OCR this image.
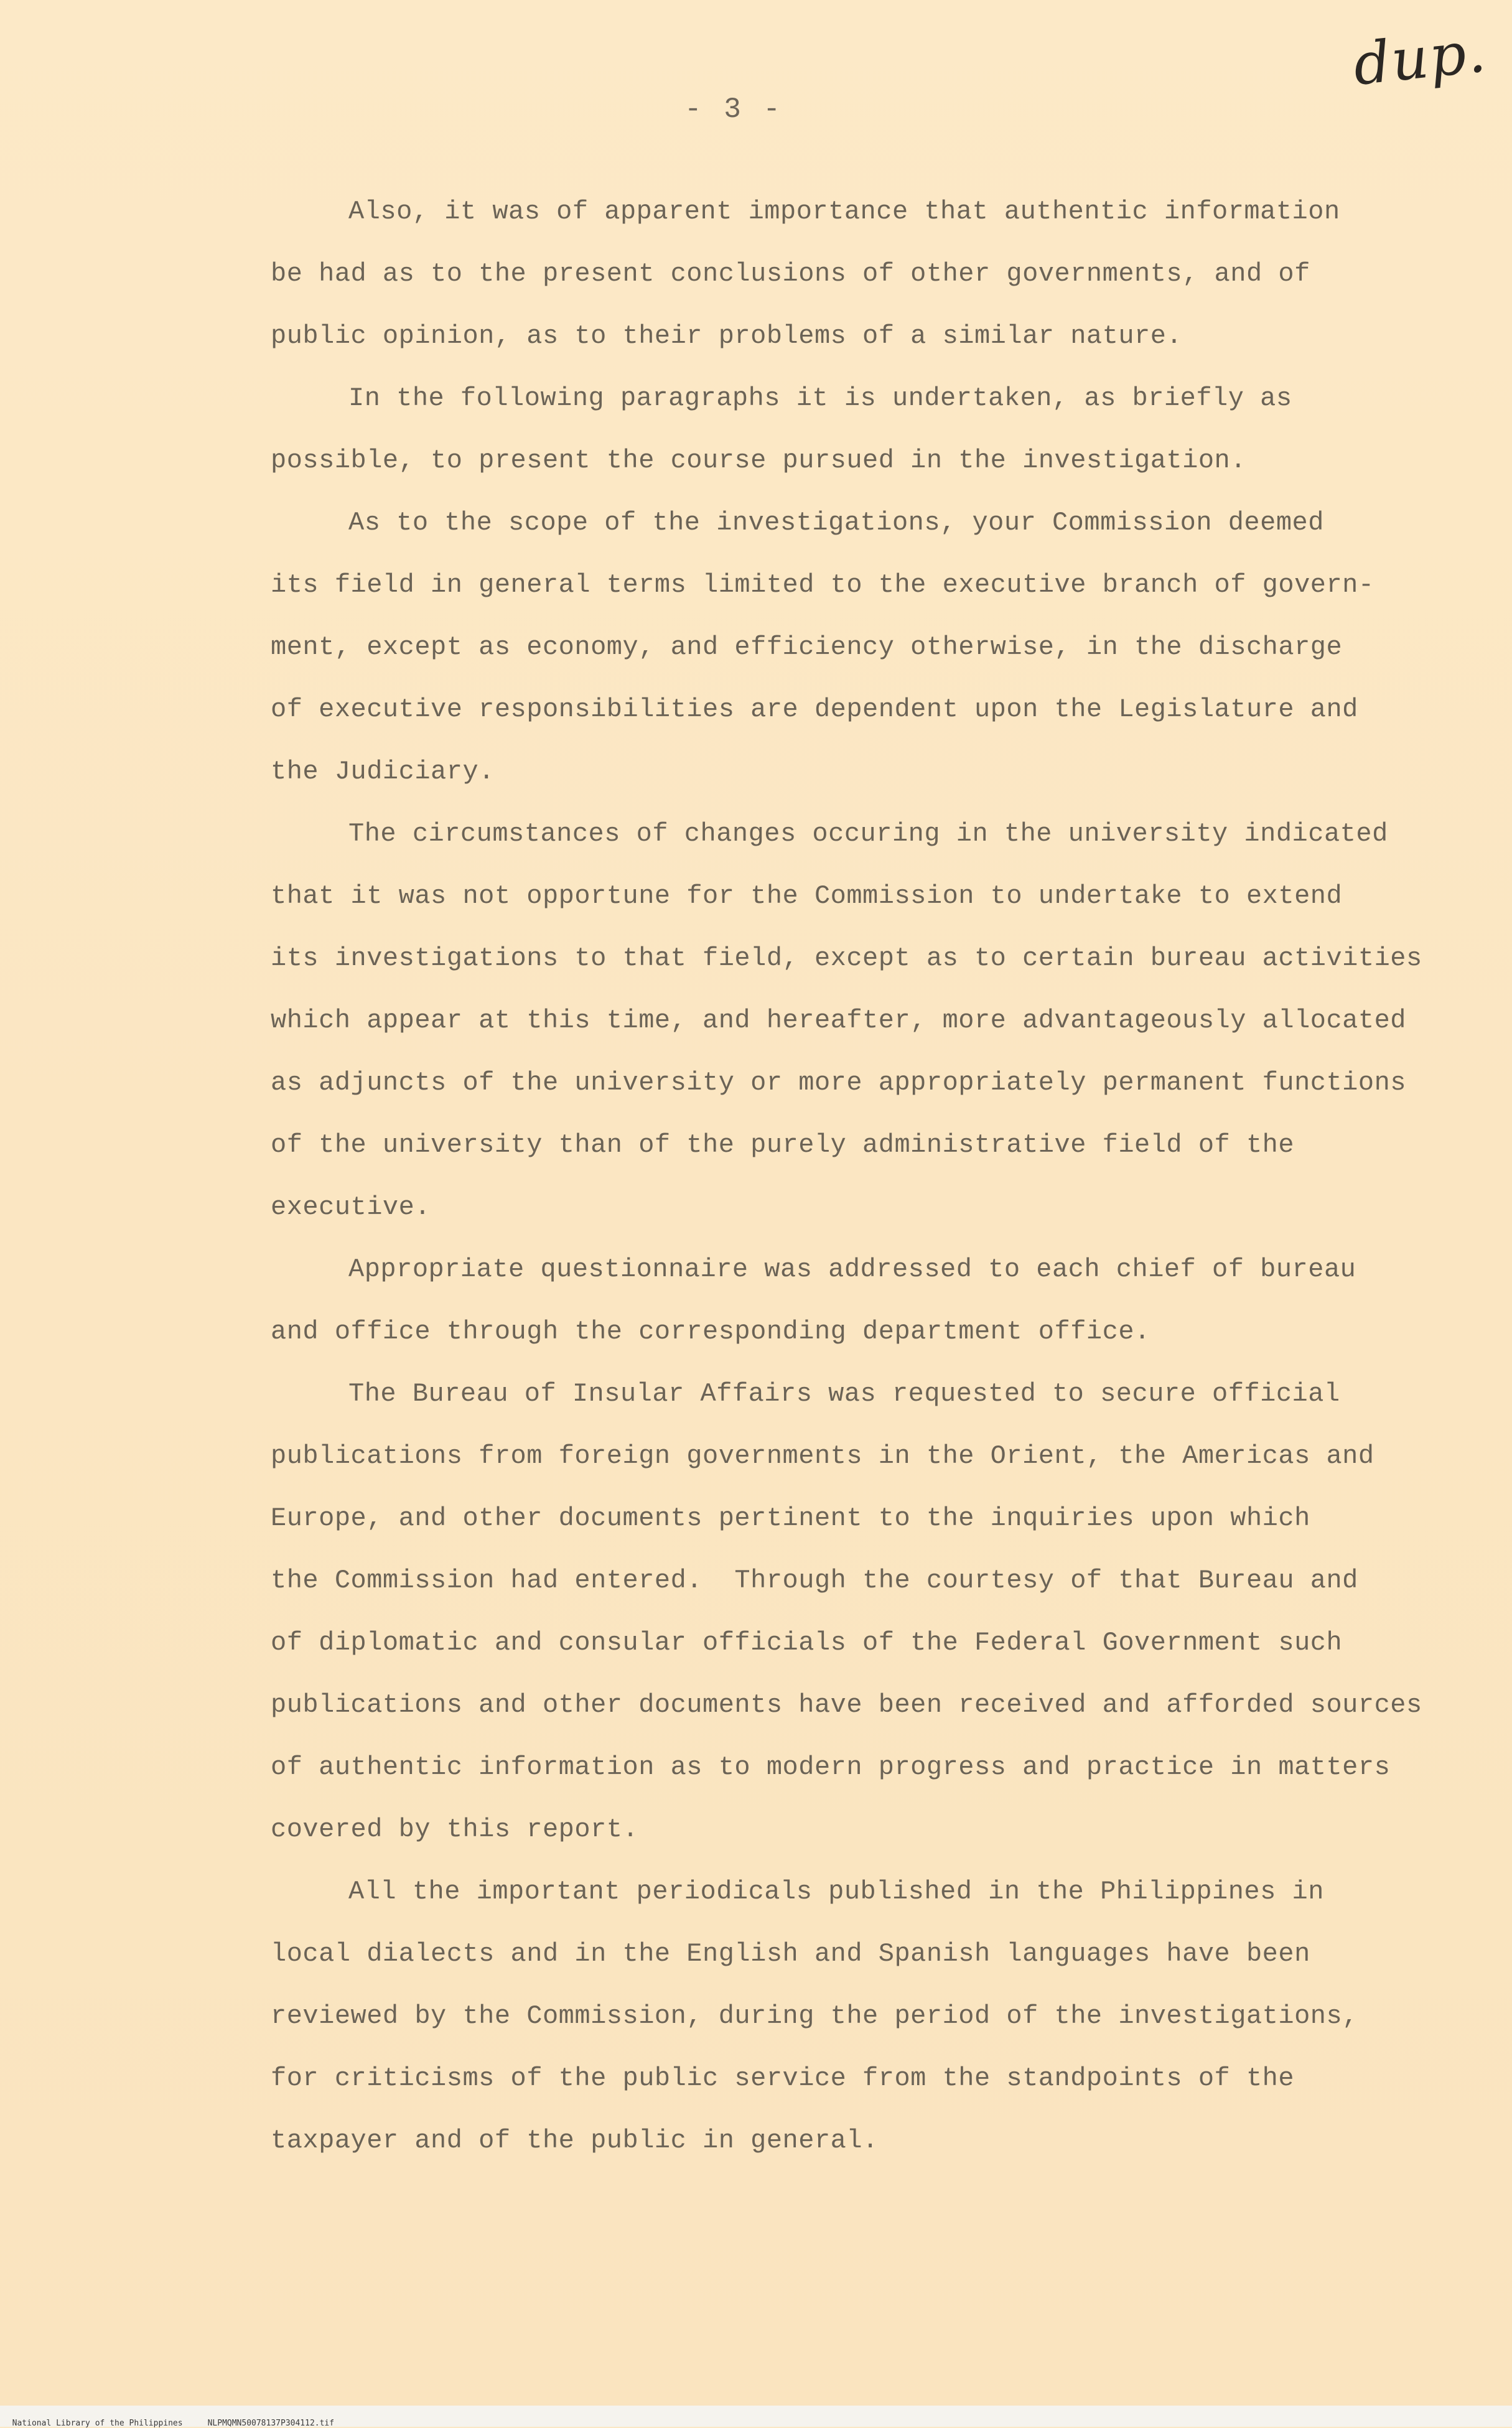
dup.
- 3 -
Also, it was of apparent importance that authentic information
be had as to the present conclusions of other governments, and of
public opinion, as to their problems of a similar nature.
In the following paragraphs it is undertaken, as briefly as
possible, to present the course pursued in the investigation.
As to the scope of the investigations, your Commission deemed
its field in general terms limited to the executive branch of govern-
ment, except as economy, and efficiency otherwise, in the discharge
of executive responsibilities are dependent upon the Legislature and
the Judiciary.
The circumstances of changes occuring in the university indicated
that it was not opportune for the Commission to undertake to extend
its investigations to that field, except as to certain bureau activities
which appear at this time, and hereafter, more advantageously allocated
as adjuncts of the university or more appropriately permanent functions
of the university than of the purely administrative field of the
executive.
Appropriate questionnaire was addressed to each chief of bureau
and office through the corresponding department office.
The Bureau of Insular Affairs was requested to secure official
publications from foreign governments in the Orient, the Americas and
Europe, and other documents pertinent to the inquiries upon which
the Commission had entered.  Through the courtesy of that Bureau and
of diplomatic and consular officials of the Federal Government such
publications and other documents have been received and afforded sources
of authentic information as to modern progress and practice in matters
covered by this report.
All the important periodicals published in the Philippines in
local dialects and in the English and Spanish languages have been
reviewed by the Commission, during the period of the investigations,
for criticisms of the public service from the standpoints of the
taxpayer and of the public in general.

National Library of the Philippines	NLPMQMN50078137P304112.tif
